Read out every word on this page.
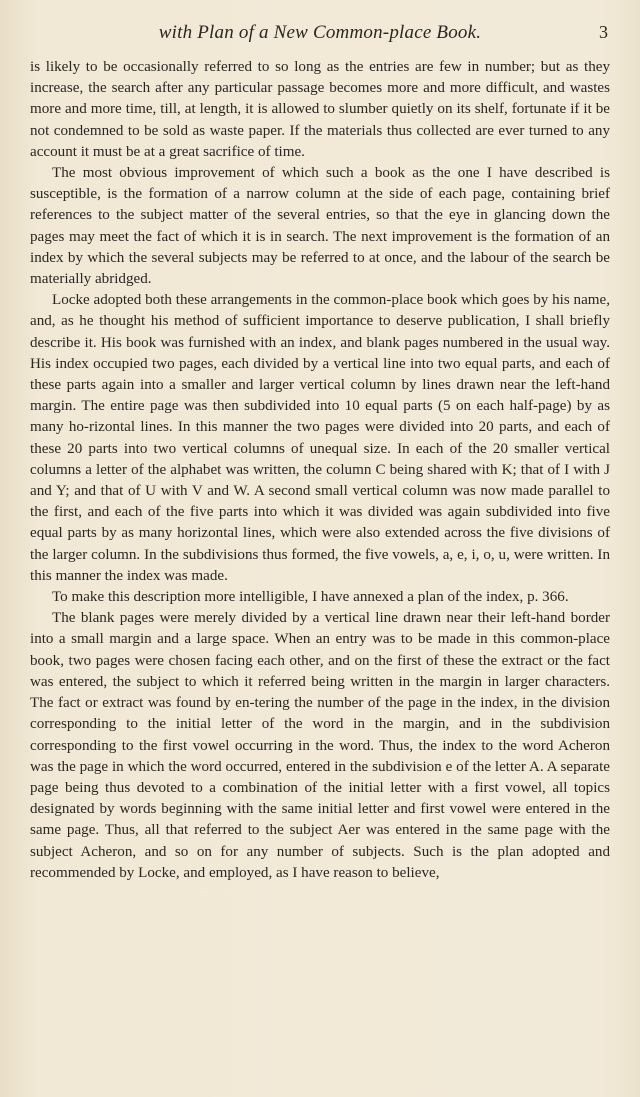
with Plan of a New Common-place Book.	3

is likely to be occasionally referred to so long as the entries are few in number; but as they increase, the search after any particular passage becomes more and more difficult, and wastes more and more time, till, at length, it is allowed to slumber quietly on its shelf, fortunate if it be not condemned to be sold as waste paper. If the materials thus collected are ever turned to any account it must be at a great sacrifice of time.

The most obvious improvement of which such a book as the one I have described is susceptible, is the formation of a narrow column at the side of each page, containing brief references to the subject matter of the several entries, so that the eye in glancing down the pages may meet the fact of which it is in search. The next improvement is the formation of an index by which the several subjects may be referred to at once, and the labour of the search be materially abridged.

Locke adopted both these arrangements in the common-place book which goes by his name, and, as he thought his method of sufficient importance to deserve publication, I shall briefly describe it. His book was furnished with an index, and blank pages numbered in the usual way. His index occupied two pages, each divided by a vertical line into two equal parts, and each of these parts again into a smaller and larger vertical column by lines drawn near the left-hand margin. The entire page was then subdivided into 10 equal parts (5 on each half-page) by as many ho-rizontal lines. In this manner the two pages were divided into 20 parts, and each of these 20 parts into two vertical columns of unequal size. In each of the 20 smaller vertical columns a letter of the alphabet was written, the column C being shared with K; that of I with J and Y; and that of U with V and W. A second small vertical column was now made parallel to the first, and each of the five parts into which it was divided was again subdivided into five equal parts by as many horizontal lines, which were also extended across the five divisions of the larger column. In the subdivisions thus formed, the five vowels, a, e, i, o, u, were written. In this manner the index was made.

To make this description more intelligible, I have annexed a plan of the index, p. 366.

The blank pages were merely divided by a vertical line drawn near their left-hand border into a small margin and a large space. When an entry was to be made in this common-place book, two pages were chosen facing each other, and on the first of these the extract or the fact was entered, the subject to which it referred being written in the margin in larger characters. The fact or extract was found by en-tering the number of the page in the index, in the division corresponding to the initial letter of the word in the margin, and in the subdivision corresponding to the first vowel occurring in the word. Thus, the index to the word Acheron was the page in which the word occurred, entered in the subdivision e of the letter A. A separate page being thus devoted to a combination of the initial letter with a first vowel, all topics designated by words beginning with the same initial letter and first vowel were entered in the same page. Thus, all that referred to the subject Aer was entered in the same page with the subject Acheron, and so on for any number of subjects. Such is the plan adopted and recommended by Locke, and employed, as I have reason to believe,
